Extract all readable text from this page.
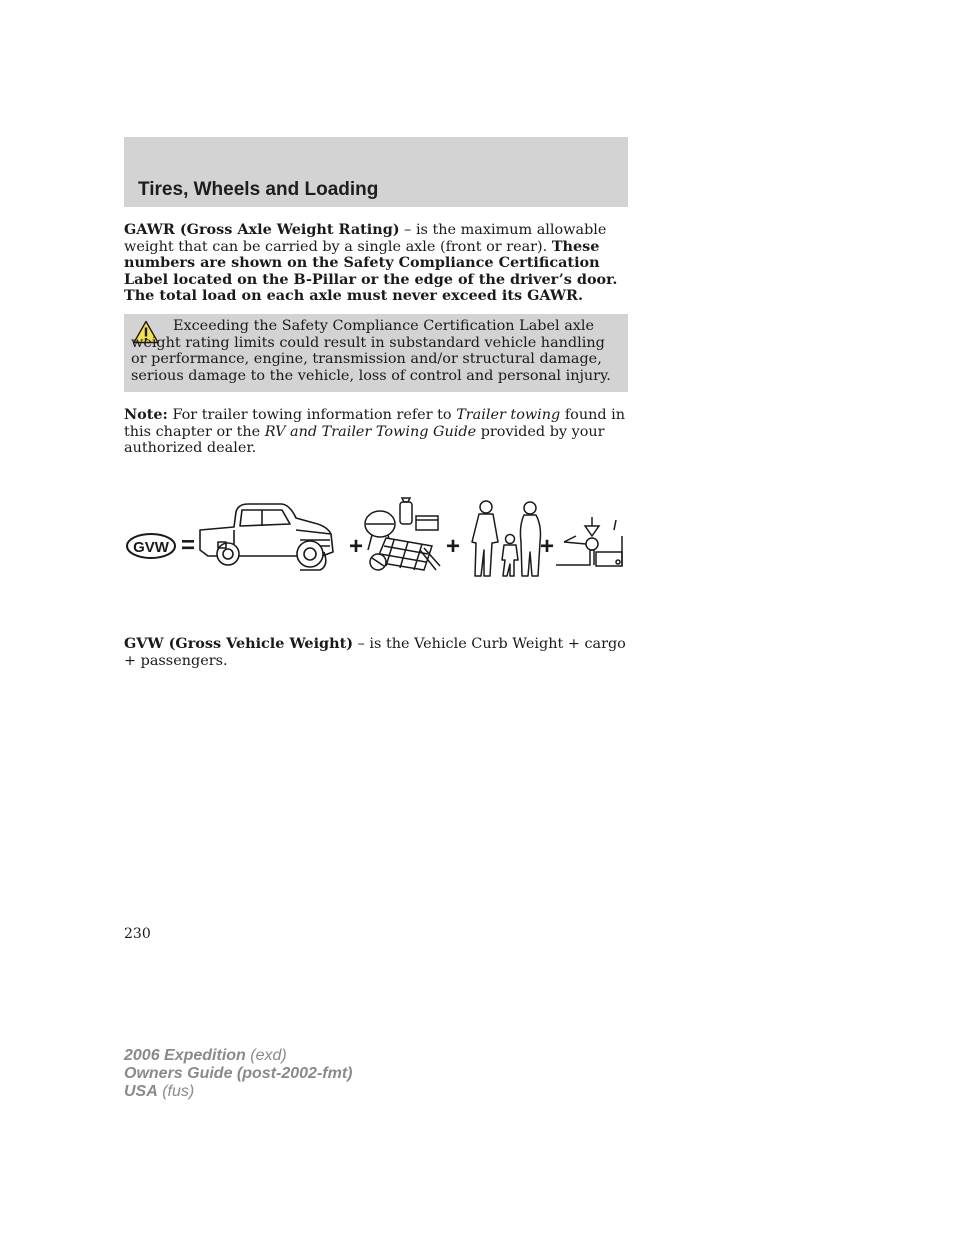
Tires, Wheels and Loading
GAWR (Gross Axle Weight Rating) – is the maximum allowable weight that can be carried by a single axle (front or rear). These numbers are shown on the Safety Compliance Certification Label located on the B-Pillar or the edge of the driver’s door. The total load on each axle must never exceed its GAWR.
Exceeding the Safety Compliance Certification Label axle weight rating limits could result in substandard vehicle handling or performance, engine, transmission and/or structural damage, serious damage to the vehicle, loss of control and personal injury.
Note: For trailer towing information refer to Trailer towing found in this chapter or the RV and Trailer Towing Guide provided by your authorized dealer.
GVW =	+	+	+
GVW (Gross Vehicle Weight) – is the Vehicle Curb Weight + cargo + passengers.
230
2006 Expedition (exd)
Owners Guide (post-2002-fmt)
USA (fus)
